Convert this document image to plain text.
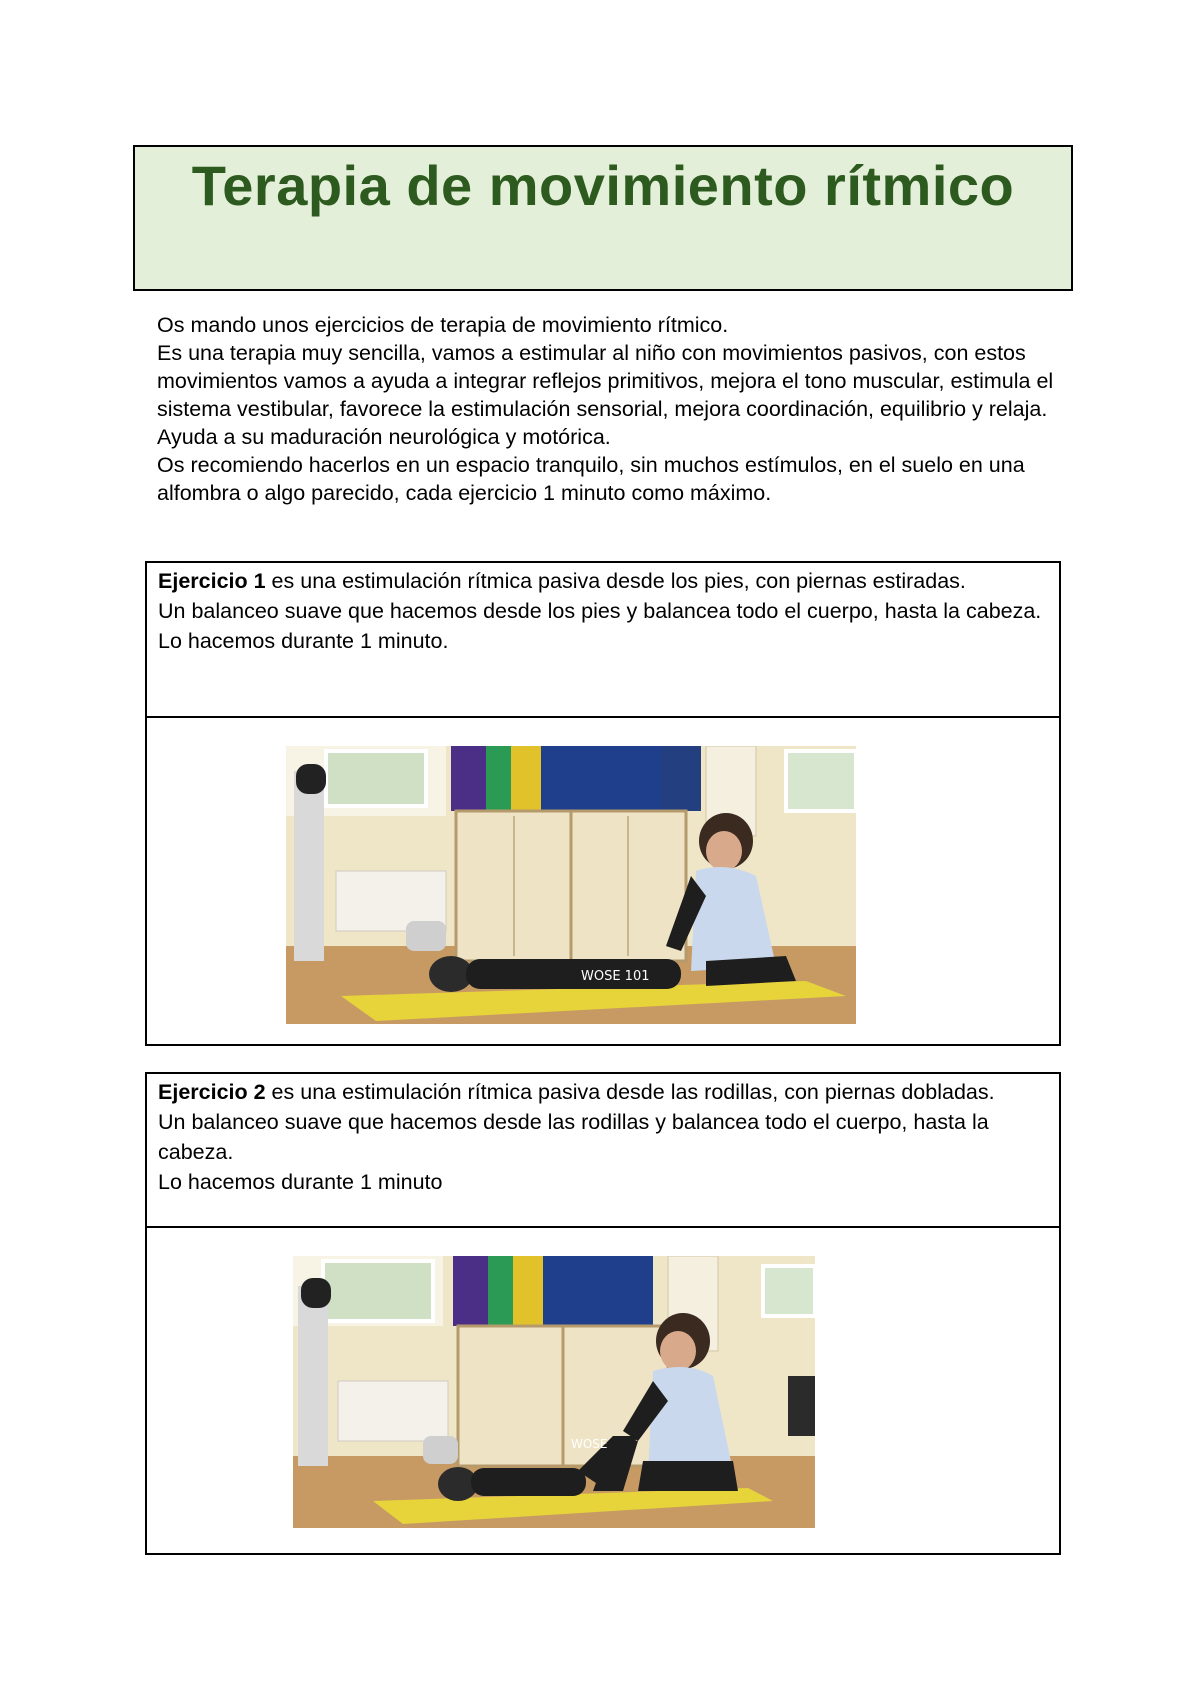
Terapia de movimiento rítmico

Os mando unos ejercicios de terapia de movimiento rítmico.

Es una terapia muy sencilla, vamos a estimular al niño con movimientos pasivos, con estos movimientos vamos a ayuda a integrar reflejos primitivos, mejora el tono muscular, estimula el sistema vestibular, favorece la estimulación sensorial, mejora coordinación, equilibrio y relaja.

Ayuda a su maduración neurológica y motórica.

Os recomiendo hacerlos en un espacio tranquilo, sin muchos estímulos, en el suelo en una alfombra o algo parecido, cada ejercicio 1 minuto como máximo.

Ejercicio 1 es una estimulación rítmica pasiva desde los pies, con piernas estiradas.

Un balanceo suave que hacemos desde los pies y balancea todo el cuerpo, hasta la cabeza.

Lo hacemos durante 1 minuto.

WOSE 101

Ejercicio 2 es una estimulación rítmica pasiva desde las rodillas, con piernas dobladas.

Un balanceo suave que hacemos desde las rodillas y balancea todo el cuerpo, hasta la cabeza.

Lo hacemos durante 1 minuto

WOSE
